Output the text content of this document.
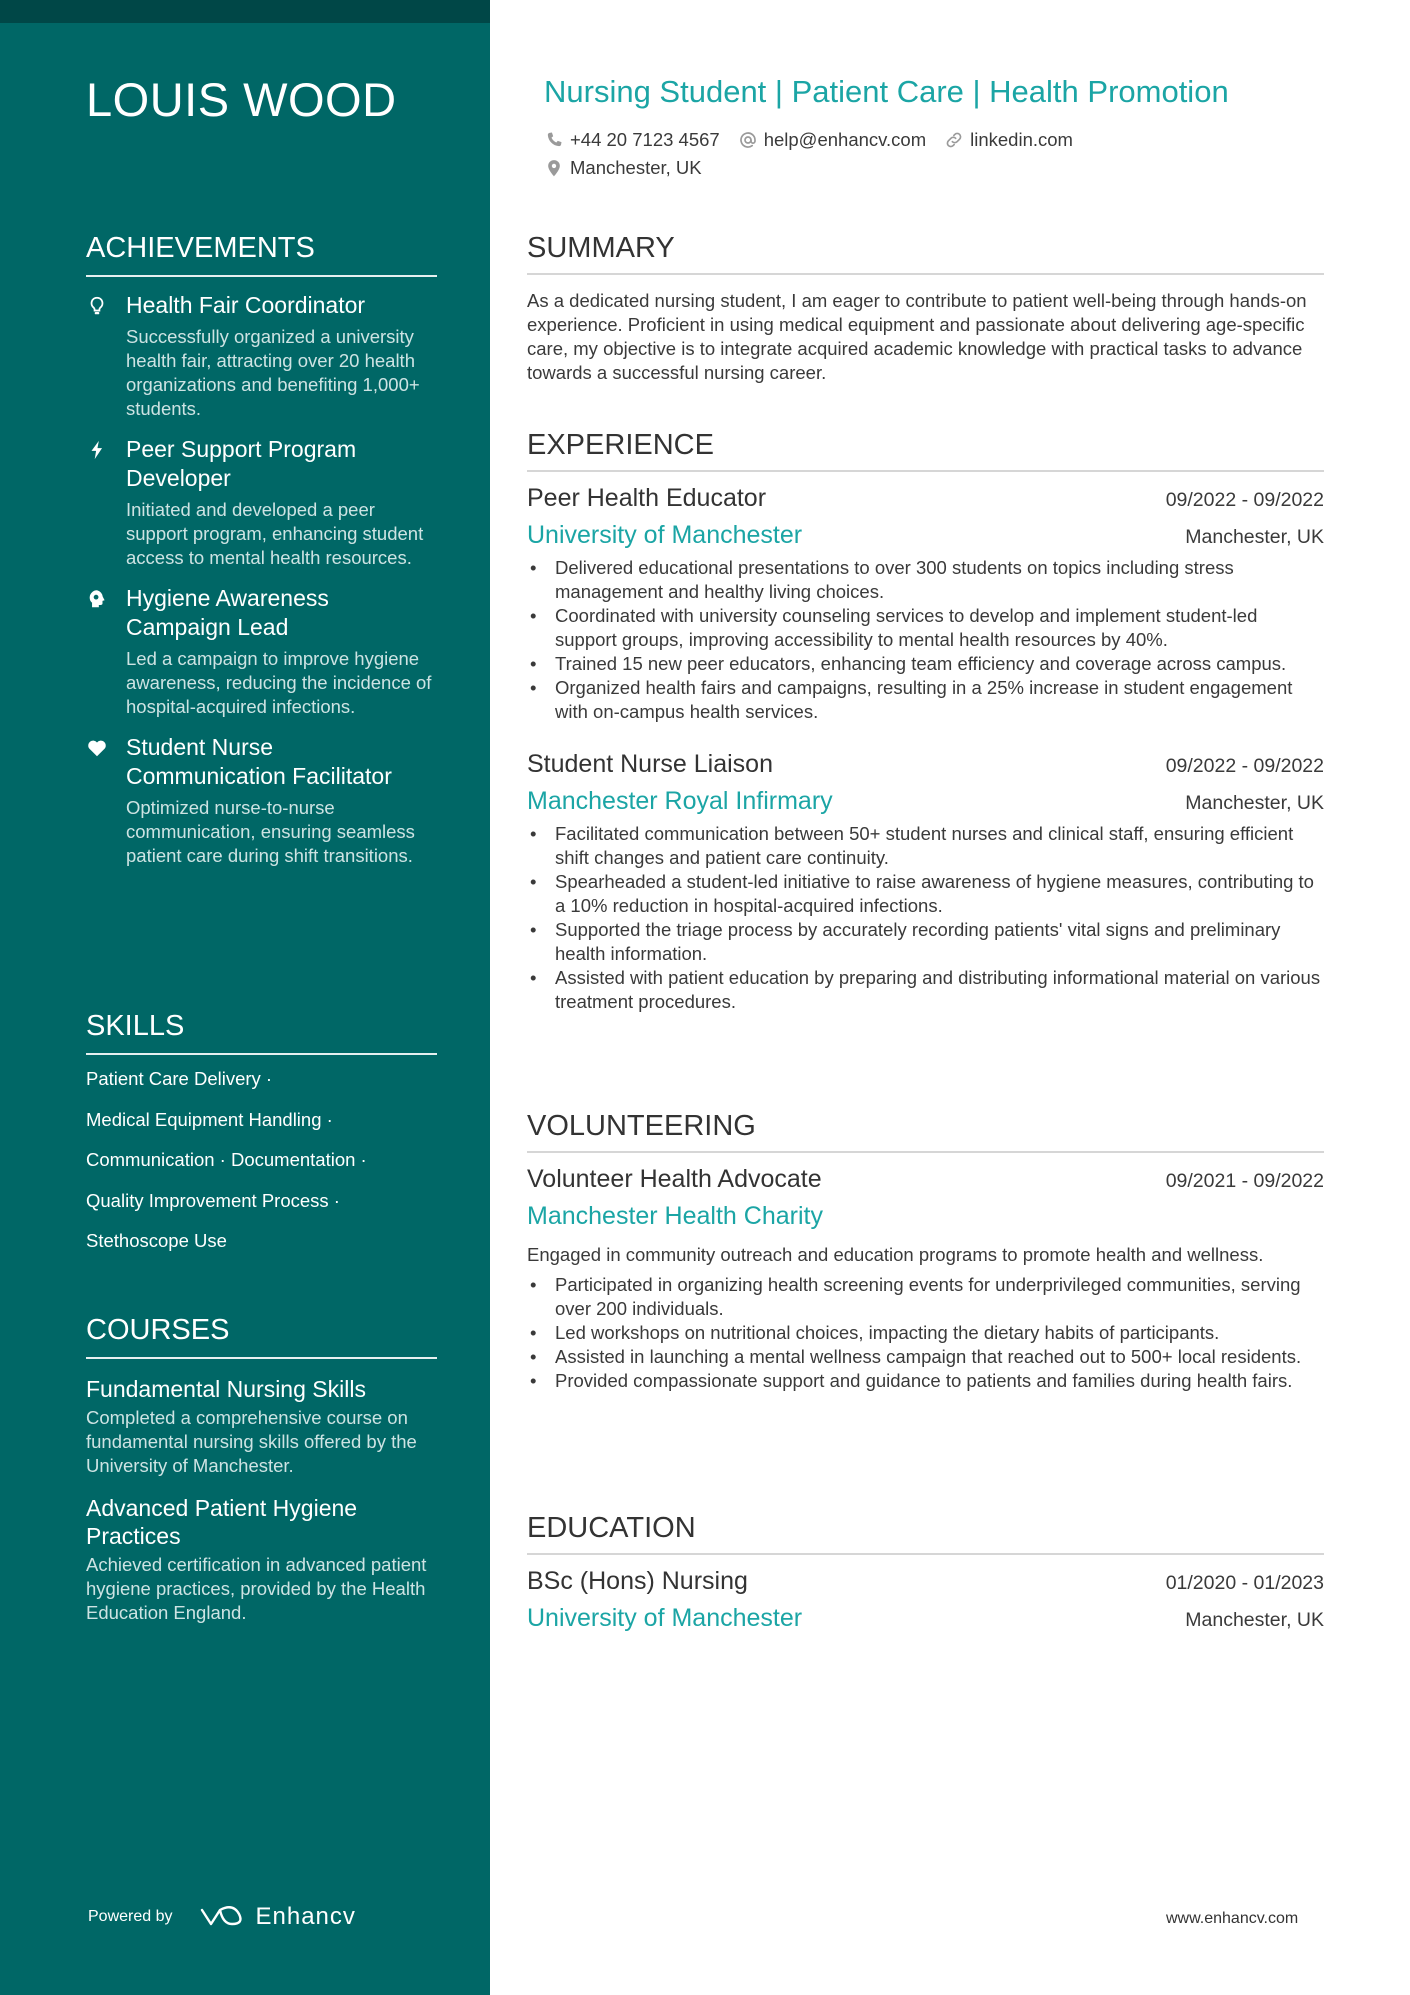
LOUIS WOOD
ACHIEVEMENTS
Health Fair Coordinator
Successfully organized a university health fair, attracting over 20 health organizations and benefiting 1,000+ students.
Peer Support Program Developer
Initiated and developed a peer support program, enhancing student access to mental health resources.
Hygiene Awareness Campaign Lead
Led a campaign to improve hygiene awareness, reducing the incidence of hospital-acquired infections.
Student Nurse Communication Facilitator
Optimized nurse-to-nurse communication, ensuring seamless patient care during shift transitions.
SKILLS
Patient Care Delivery ·
Medical Equipment Handling ·
Communication · Documentation ·
Quality Improvement Process ·
Stethoscope Use
COURSES
Fundamental Nursing Skills
Completed a comprehensive course on fundamental nursing skills offered by the University of Manchester.
Advanced Patient Hygiene Practices
Achieved certification in advanced patient hygiene practices, provided by the Health Education England.
Powered by	Enhancv
Nursing Student | Patient Care | Health Promotion
+44 20 7123 4567 help@enhancv.com linkedin.com
Manchester, UK
SUMMARY

As a dedicated nursing student, I am eager to contribute to patient well-being through hands-on experience. Proficient in using medical equipment and passionate about delivering age-specific care, my objective is to integrate acquired academic knowledge with practical tasks to advance towards a successful nursing career.

EXPERIENCE
Peer Health Educator	09/2022 - 09/2022
University of Manchester	Manchester, UK
• Delivered educational presentations to over 300 students on topics including stress management and healthy living choices.
• Coordinated with university counseling services to develop and implement student-led support groups, improving accessibility to mental health resources by 40%.
• Trained 15 new peer educators, enhancing team efficiency and coverage across campus.
• Organized health fairs and campaigns, resulting in a 25% increase in student engagement with on-campus health services.
Student Nurse Liaison	09/2022 - 09/2022
Manchester Royal Infirmary	Manchester, UK
• Facilitated communication between 50+ student nurses and clinical staff, ensuring efficient shift changes and patient care continuity.
• Spearheaded a student-led initiative to raise awareness of hygiene measures, contributing to a 10% reduction in hospital-acquired infections.
• Supported the triage process by accurately recording patients' vital signs and preliminary health information.
• Assisted with patient education by preparing and distributing informational material on various treatment procedures.
VOLUNTEERING
Volunteer Health Advocate	09/2021 - 09/2022
Manchester Health Charity

Engaged in community outreach and education programs to promote health and wellness.

• Participated in organizing health screening events for underprivileged communities, serving over 200 individuals.
• Led workshops on nutritional choices, impacting the dietary habits of participants.
• Assisted in launching a mental wellness campaign that reached out to 500+ local residents.
• Provided compassionate support and guidance to patients and families during health fairs.
EDUCATION
BSc (Hons) Nursing	01/2020 - 01/2023
University of Manchester	Manchester, UK
www.enhancv.com
